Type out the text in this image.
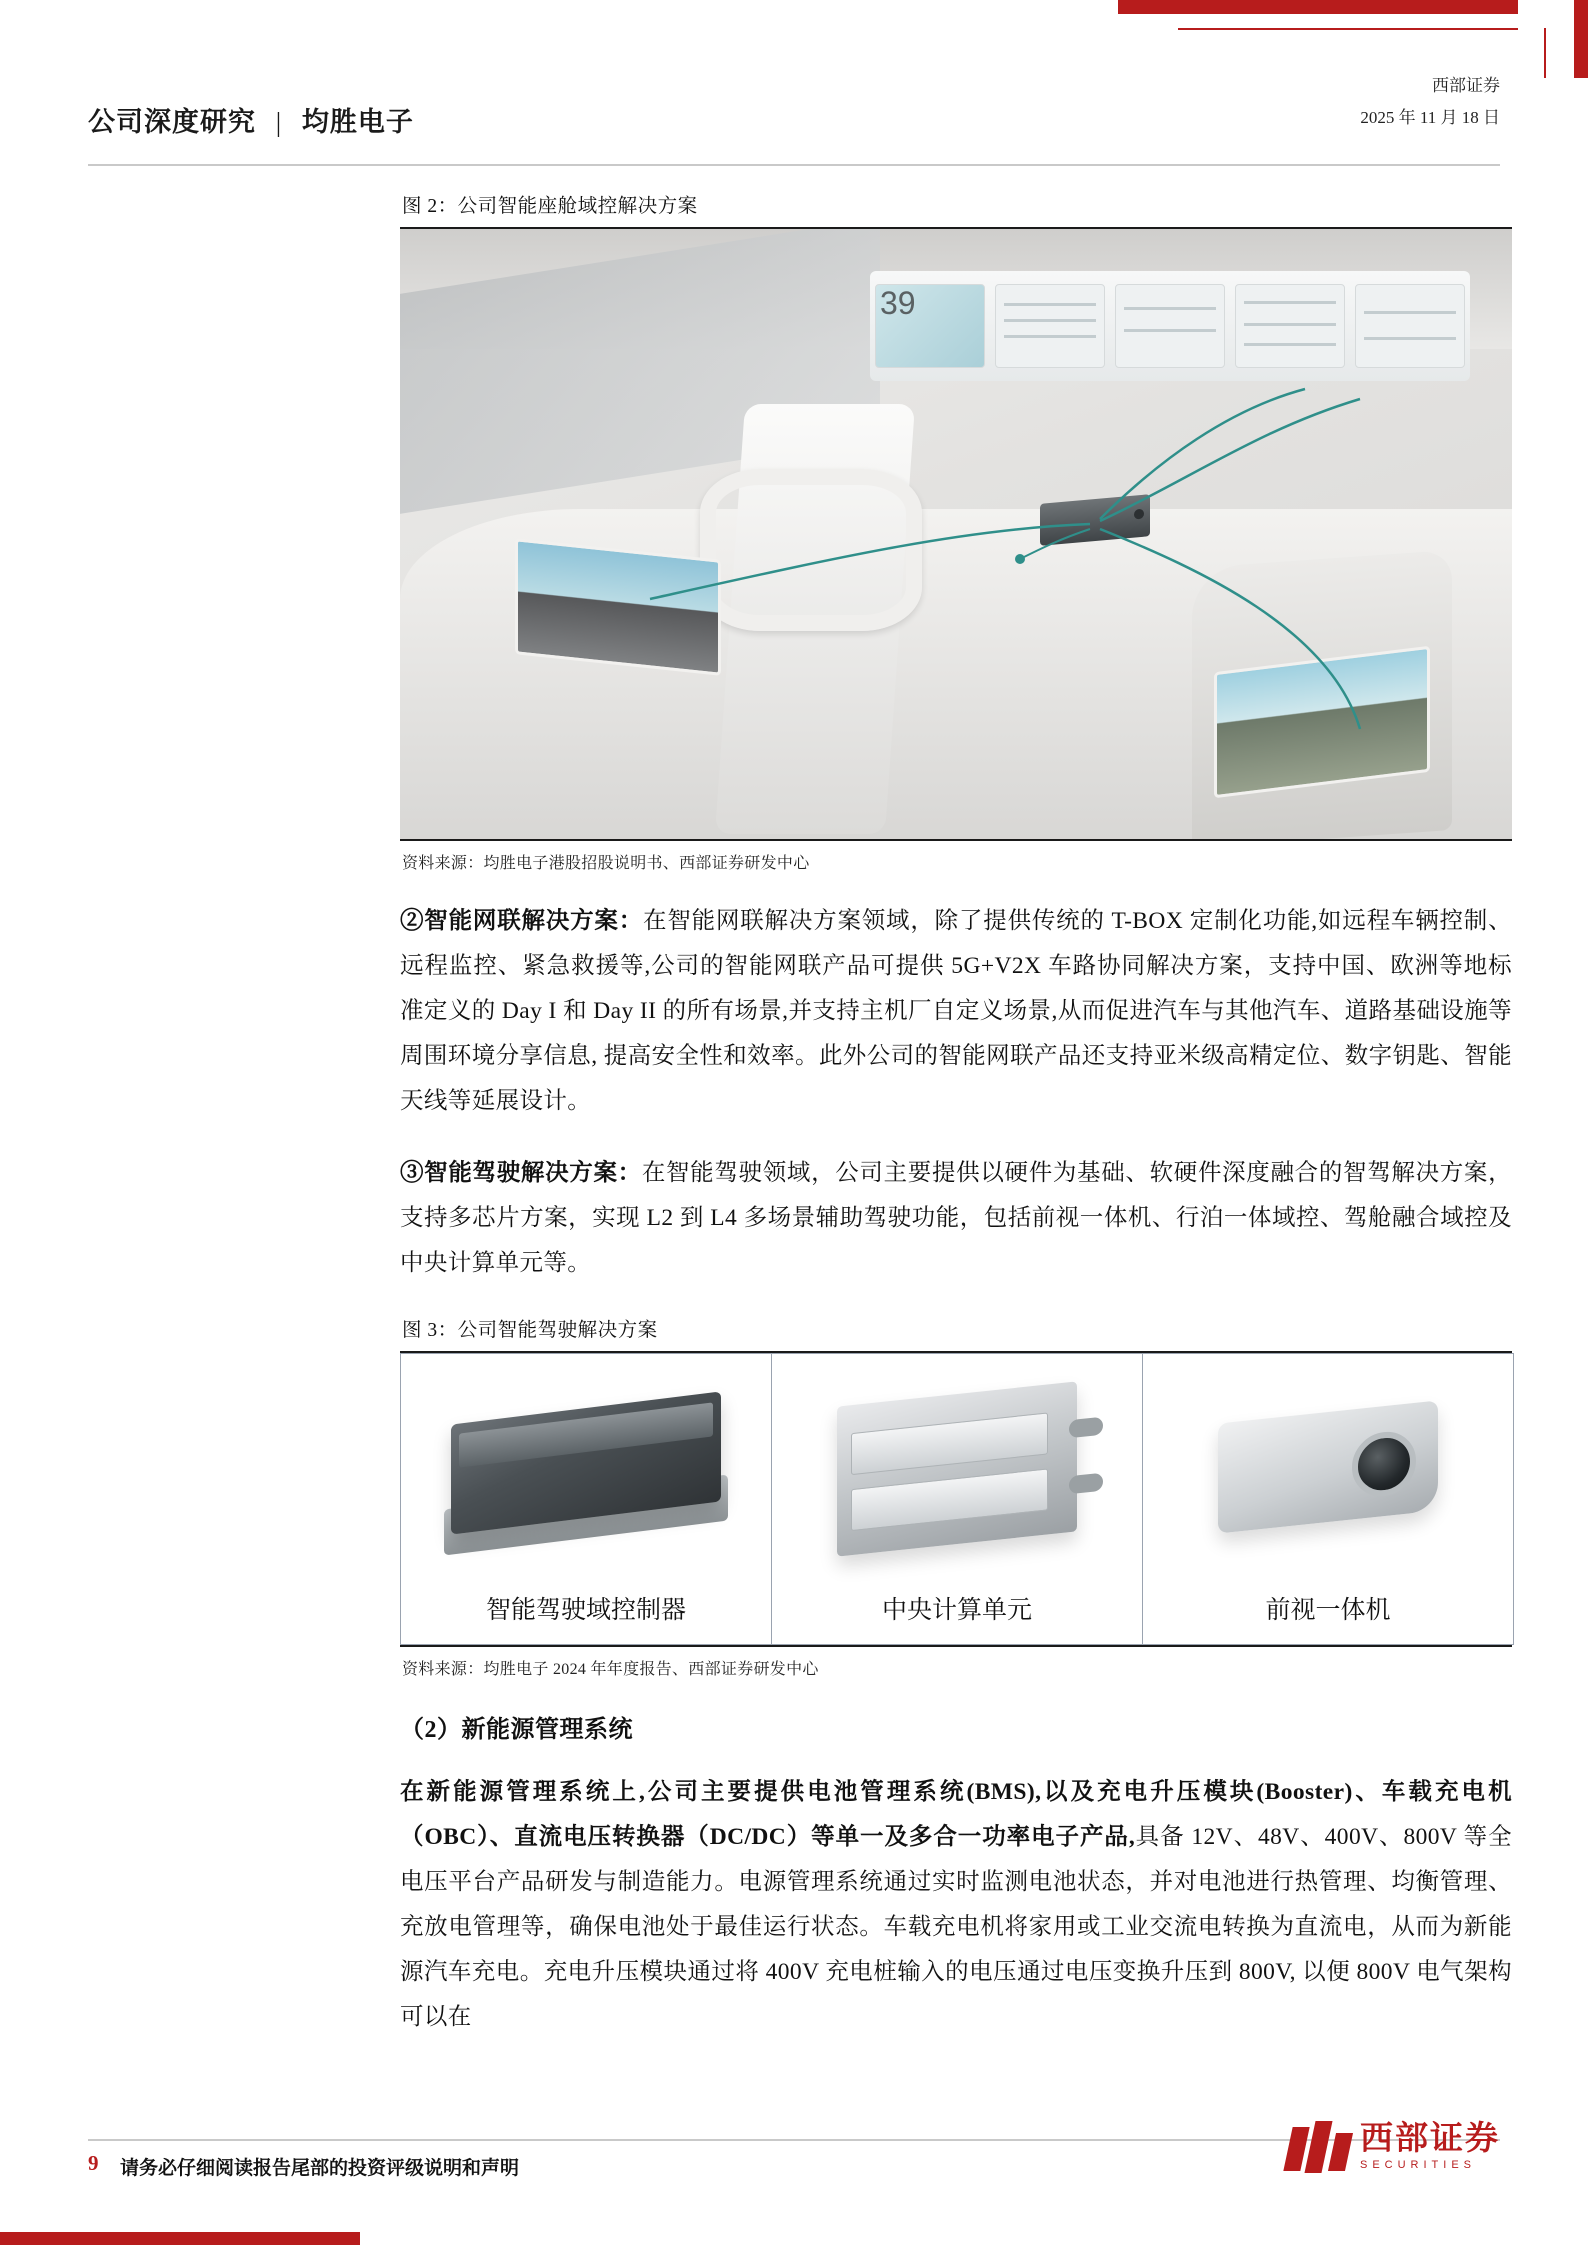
公司深度研究 | 均胜电子
西部证券
2025 年 11 月 18 日
图 2：公司智能座舱域控解决方案
39
资料来源：均胜电子港股招股说明书、西部证券研发中心

②智能网联解决方案：在智能网联解决方案领域，除了提供传统的 T-BOX 定制化功能,如远程车辆控制、远程监控、紧急救援等,公司的智能网联产品可提供 5G+V2X 车路协同解决方案，支持中国、欧洲等地标准定义的 Day I 和 Day II 的所有场景,并支持主机厂自定义场景,从而促进汽车与其他汽车、道路基础设施等周围环境分享信息, 提高安全性和效率。此外公司的智能网联产品还支持亚米级高精定位、数字钥匙、智能天线等延展设计。

③智能驾驶解决方案：在智能驾驶领域，公司主要提供以硬件为基础、软硬件深度融合的智驾解决方案，支持多芯片方案，实现 L2 到 L4 多场景辅助驾驶功能，包括前视一体机、行泊一体域控、驾舱融合域控及中央计算单元等。

图 3：公司智能驾驶解决方案
智能驾驶域控制器	中央计算单元	前视一体机
资料来源：均胜电子 2024 年年度报告、西部证券研发中心
（2）新能源管理系统

在新能源管理系统上,公司主要提供电池管理系统(BMS),以及充电升压模块(Booster)、车载充电机（OBC）、直流电压转换器（DC/DC）等单一及多合一功率电子产品,具备 12V、48V、400V、800V 等全电压平台产品研发与制造能力。电源管理系统通过实时监测电池状态，并对电池进行热管理、均衡管理、充放电管理等，确保电池处于最佳运行状态。车载充电机将家用或工业交流电转换为直流电，从而为新能源汽车充电。充电升压模块通过将 400V 充电桩输入的电压通过电压变换升压到 800V, 以便 800V 电气架构可以在

9 请务必仔细阅读报告尾部的投资评级说明和声明
西部证券
SECURITIES
